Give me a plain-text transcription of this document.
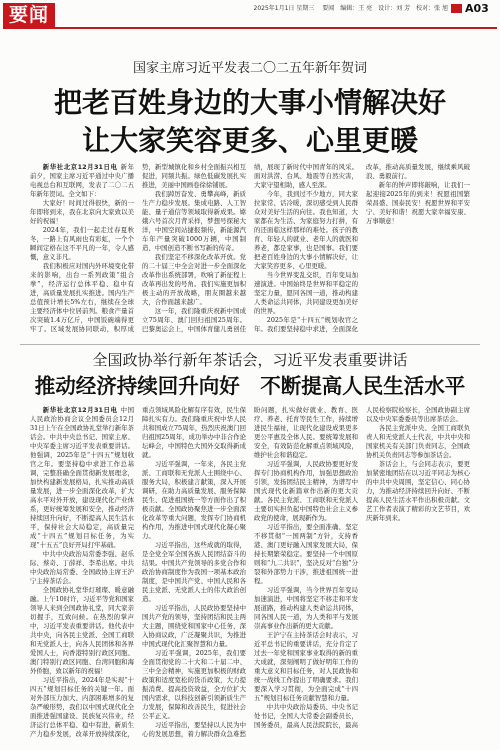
要闻	2025年1月1日 星期三 要闻　编辑：王 亮　设计：刘 芳　校对：张 旭 A03
国家主席习近平发表二〇二五年新年贺词
把老百姓身边的大事小情解决好
让大家笑容更多、心里更暖

新华社北京12月31日电 新年前夕，国家主席习近平通过中央广播电视总台和互联网，发表了二〇二五年新年贺词。全文如下：

大家好！时间过得很快，新的一年即将到来，我在北京向大家致以美好的祝福！

2024年，我们一起走过春夏秋冬，一路上有风雨也有彩虹，一个个瞬间定格在这不平凡的一年，令人感慨，意义非凡。

我们积极应对国内外环境变化带来的影响，出台一系列政策“组合拳”，经济运行总体平稳、稳中有进，高质量发展扎实推进。国内生产总值预计增长5%左右，继续在全球主要经济体中位居前列。粮食产量首次突破1.4万亿斤，中国饭碗端得更牢了。区域发展协同联动，积厚成势，新型城镇化和乡村全面振兴相互促进，同频共振。绿色低碳发展扎实推进，美丽中国画卷徐徐铺展。

我们踔厉奋发、勇攀高峰，新质生产力稳步发展。集成电路、人工智能、量子通信等领域取得新成果。嫦娥六号首次月背采样，梦想号探秘大洋，中国空间站捷报频传，新能源汽车年产量突破1000万辆，中国制造、中国创造不断书写新的传奇。

我们坚定不移深化改革开放。党的二十届三中全会对进一步全面深化改革作出系统部署，吹响了新征程上改革再出发的号角。我们实施更加积极主动的开放战略，朋友圈越来越大，合作面越来越广。

这一年，我们隆重庆祝新中国成立75周年、澳门回归祖国25周年。巴黎奥运会上，中国体育健儿勇创佳绩，展现了新时代中国青年的风采。面对洪涝、台风、地震等自然灾害，大家守望相助，感人至深。

今年，我到过不少地方，同大家拉家常、话冷暖，深切感受到人民群众对美好生活的向往。我也知道，大家都在为生活、为家庭努力打拼，有的还面临这样那样的难处。孩子的教育、年轻人的就业、老年人的就医和养老，都是家事，也是国事。我们要把老百姓身边的大事小情解决好，让大家笑容更多、心里更暖。

当今世界变乱交织，百年变局加速演进。中国始终是世界和平稳定的坚定力量，愿同各国一道，推动构建人类命运共同体，共同建设更加美好的世界。

2025年是“十四五”规划收官之年。我们要坚持稳中求进，全面深化改革，推动高质量发展，继续乘风破浪、勇毅前行。

新年的钟声即将敲响，让我们一起迎接2025年的到来！祝愿祖国繁荣昌盛、国泰民安！祝愿世界和平安宁、美好和谐！祝愿大家幸福安康、万事顺意！

全国政协举行新年茶话会，习近平发表重要讲话
推动经济持续回升向好　不断提高人民生活水平

新华社北京12月31日电 中国人民政治协商会议全国委员会12月31日上午在全国政协礼堂举行新年茶话会。中共中央总书记、国家主席、中央军委主席习近平发表重要讲话。他强调，2025年是“十四五”规划收官之年。要坚持稳中求进工作总基调，完整准确全面贯彻新发展理念，加快构建新发展格局，扎实推动高质量发展，进一步全面深化改革，扩大高水平对外开放，建设现代化产业体系，更好统筹发展和安全，推动经济持续回升向好，不断提高人民生活水平，保持社会大局稳定，高质量完成“十四五”规划目标任务，为实现“十五五”良好开局打牢基础。

中共中央政治局常委李强、赵乐际、蔡奇、丁薛祥、李希出席。中共中央政治局常委、全国政协主席王沪宁主持茶话会。

全国政协礼堂华灯璀璨、暖意融融。上午10时许，习近平等党和国家领导人来到全国政协礼堂，同大家亲切握手，互致问候。在热烈的掌声中，习近平发表重要讲话。他代表中共中央，向各民主党派、全国工商联和无党派人士，向各人民团体和各界爱国人士，向香港特别行政区同胞、澳门特别行政区同胞、台湾同胞和海外侨胞，致以新年的祝福！

习近平指出，2024年是实现“十四五”规划目标任务的关键一年。面对外部压力加大、内部困难增多的复杂严峻形势，我们以中国式现代化全面推进强国建设、民族复兴伟业，经济运行总体平稳、稳中有进，新质生产力稳步发展，改革开放持续深化，重点领域风险化解有序有效，民生保障扎实有力。我们隆重庆祝中华人民共和国成立75周年，热烈庆祝澳门回归祖国25周年，成功举办中非合作论坛峰会，中国特色大国外交取得新成就。

习近平强调，一年来，各民主党派、工商联和无党派人士围绕中心、服务大局，积极建言献策，深入开展调研，在助力高质量发展、服务保障民生、促进祖国统一等方面作出了积极贡献。全国政协聚焦进一步全面深化改革等重大问题，发挥专门协商机构作用，为推进中国式现代化凝心聚力。

习近平指出，这些成就的取得，是全党全军全国各族人民团结奋斗的结果。中国共产党领导的多党合作和政治协商制度作为我国一项基本政治制度，是中国共产党、中国人民和各民主党派、无党派人士的伟大政治创造。

习近平指出，人民政协要坚持中国共产党的领导，坚持团结和民主两大主题，围绕党和国家中心任务，深入协商议政，广泛凝聚共识，为推进中国式现代化汇聚智慧和力量。

习近平强调，2025年，我们要全面贯彻党的二十大和二十届二中、三中全会精神，实施更加积极的财政政策和适度宽松的货币政策，大力提振消费、提高投资效益，全方位扩大国内需求，以科技创新引领新质生产力发展，保障和改善民生，促进社会公平正义。

习近平指出，要坚持以人民为中心的发展思想，着力解决群众急难愁盼问题，扎实做好就业、教育、医疗、养老、托育等民生工作，持续增进民生福祉，让现代化建设成果更多更公平惠及全体人民。要统筹发展和安全，有效防范化解重点领域风险，维护社会和谐稳定。

习近平强调，人民政协要更好发挥专门协商机构作用，加强思想政治引领，发扬团结民主精神，为谱写中国式现代化新篇章作出新的更大贡献。各民主党派、工商联和无党派人士要切实担负起中国特色社会主义参政党的使命，展现新作为。

习近平指出，要全面准确、坚定不移贯彻“一国两制”方针，支持香港、澳门更好融入国家发展大局，保持长期繁荣稳定。要坚持一个中国原则和“九二共识”，坚决反对“台独”分裂和外部势力干涉，推进祖国统一进程。

习近平强调，当今世界百年变局加速演进，中国将坚定不移走和平发展道路，推动构建人类命运共同体，同各国人民一道，为人类和平与发展崇高事业作出新的更大贡献。

王沪宁在主持茶话会时表示，习近平总书记的重要讲话，充分肯定了过去一年党和国家事业取得的新的重大成就，深刻阐明了做好明年工作的重大意义和目标任务，对人民政协和统一战线工作提出了明确要求。我们要深入学习贯彻，为全面完成“十四五”规划目标任务贡献智慧和力量。

中共中央政治局委员、中央书记处书记，全国人大常委会副委员长，国务委员，最高人民法院院长，最高人民检察院检察长，全国政协副主席以及中央军委委员等出席茶话会。

各民主党派中央、全国工商联负责人和无党派人士代表，中共中央和国家机关有关部门负责同志，全国政协机关负责同志等参加茶话会。

茶话会上，与会同志表示，要更加紧密地团结在以习近平同志为核心的中共中央周围，坚定信心、同心协力，为推动经济持续回升向好、不断提高人民生活水平作出积极贡献。文艺工作者表演了精彩的文艺节目，欢庆新年到来。
